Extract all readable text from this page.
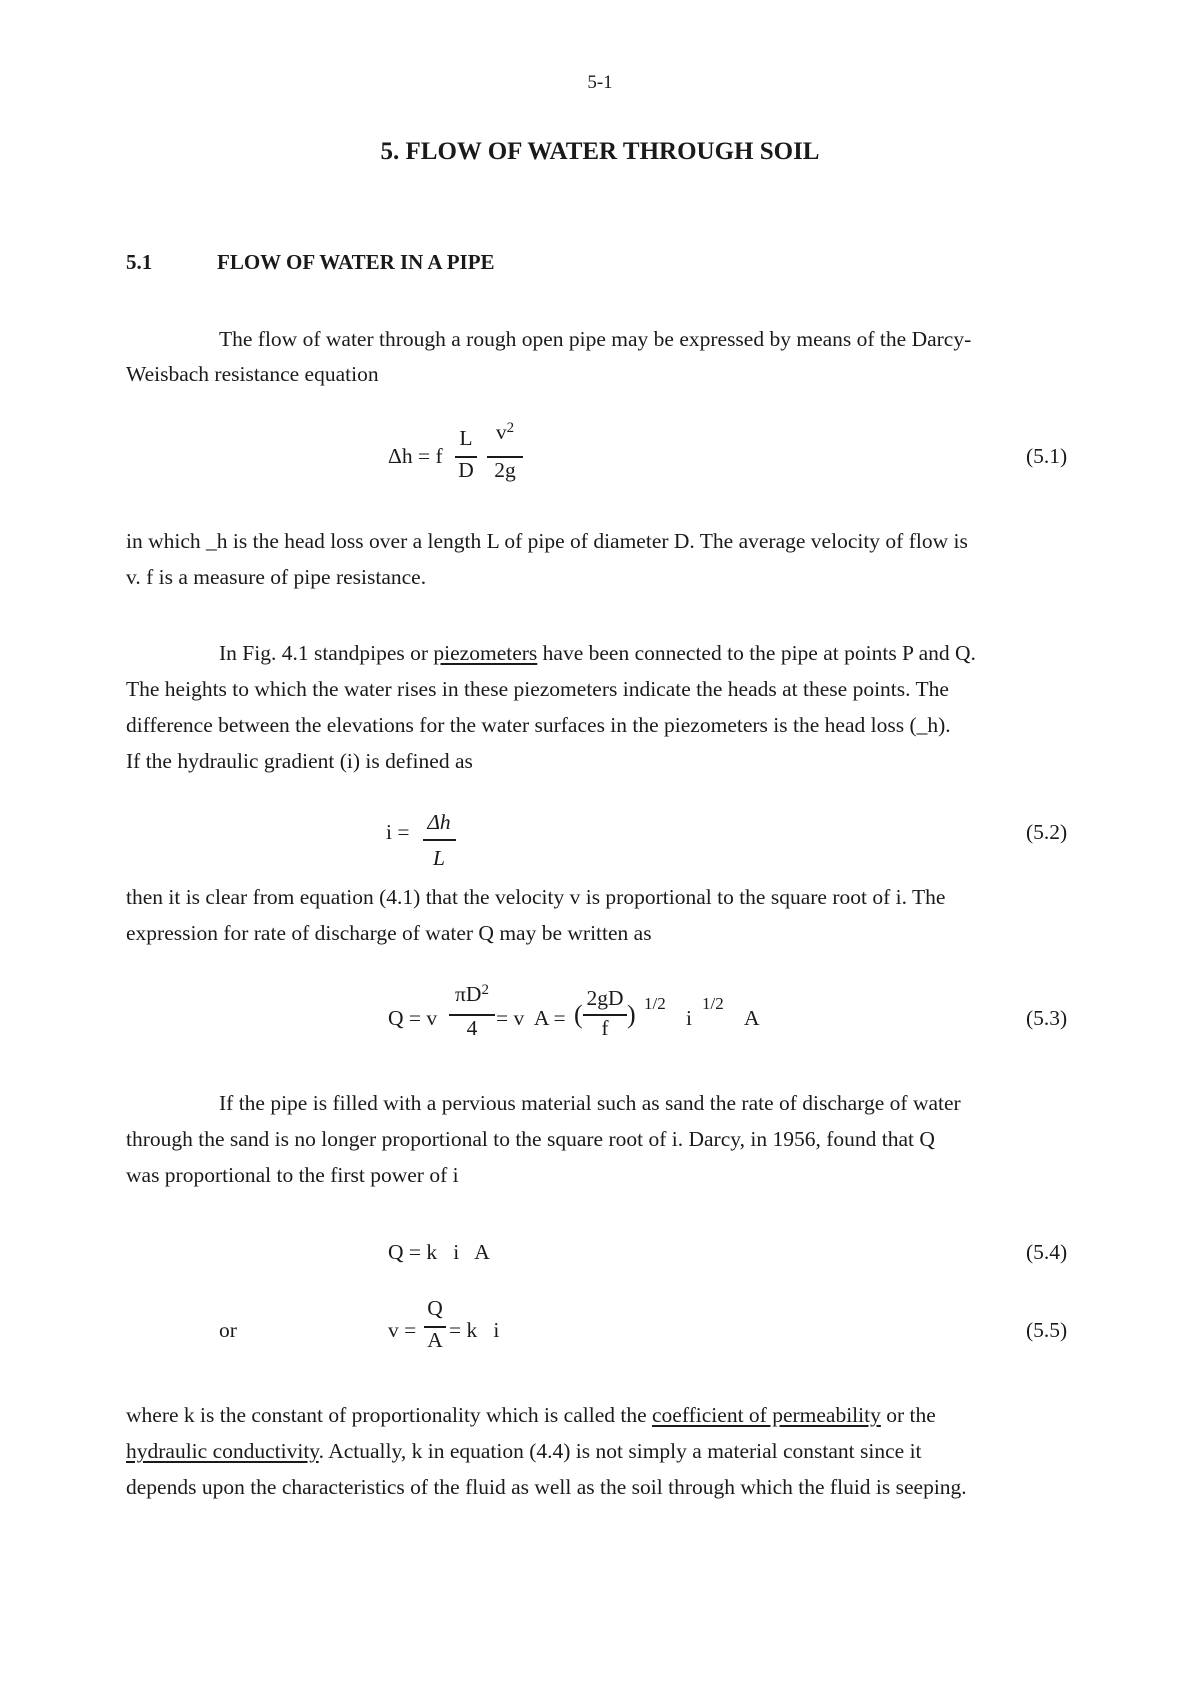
5-1
5. FLOW OF WATER THROUGH SOIL
5.1	FLOW OF WATER IN A PIPE
The flow of water through a rough open pipe may be expressed by means of the Darcy-
Weisbach resistance equation
Δh = f
L
D
$v^2$
2g
(5.1)
in which _h is the head loss over a length L of pipe of diameter D. The average velocity of flow is
v. f is a measure of pipe resistance.
In Fig. 4.1 standpipes or piezometers have been connected to the pipe at points P and Q.
The heights to which the water rises in these piezometers indicate the heads at these points. The
difference between the elevations for the water surfaces in the piezometers is the head loss (_h).
If the hydraulic gradient (i) is defined as
i = Δh
L
(5.2)
then it is clear from equation (4.1) that the velocity v is proportional to the square root of i. The
expression for rate of discharge of water Q may be written as
Q = v
$\pi D^2$
4 = v  A = (
2gD
f ) 1/2
i
1/2
A	(5.3)
If the pipe is filled with a pervious material such as sand the rate of discharge of water
through the sand is no longer proportional to the square root of i. Darcy, in 1956, found that Q
was proportional to the first power of i
Q = k   i   A	(5.4)
or	v =
Q
A = k   i	(5.5)
where k is the constant of proportionality which is called the coefficient of permeability or the
hydraulic conductivity. Actually, k in equation (4.4) is not simply a material constant since it
depends upon the characteristics of the fluid as well as the soil through which the fluid is seeping.
